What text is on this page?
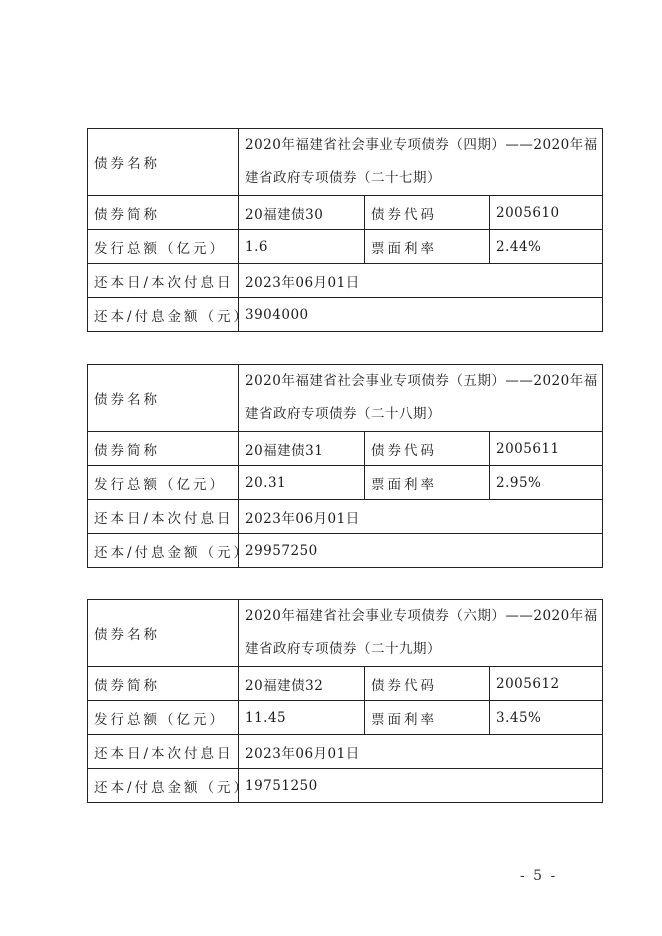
债券名称	2020年福建省社会事业专项债券（四期）——2020年福建省政府专项债券（二十七期）		
债券简称	20福建债30	债券代码	2005610
发行总额（亿元）	1.6	票面利率	2.44%
还本日/本次付息日	2023年06月01日		
还本/付息金额（元）	3904000		
债券名称	2020年福建省社会事业专项债券（五期）——2020年福建省政府专项债券（二十八期）		
债券简称	20福建债31	债券代码	2005611
发行总额（亿元）	20.31	票面利率	2.95%
还本日/本次付息日	2023年06月01日		
还本/付息金额（元）	29957250		
债券名称	2020年福建省社会事业专项债券（六期）——2020年福建省政府专项债券（二十九期）		
债券简称	20福建债32	债券代码	2005612
发行总额（亿元）	11.45	票面利率	3.45%
还本日/本次付息日	2023年06月01日		
还本/付息金额（元）	19751250		
- 5 -
